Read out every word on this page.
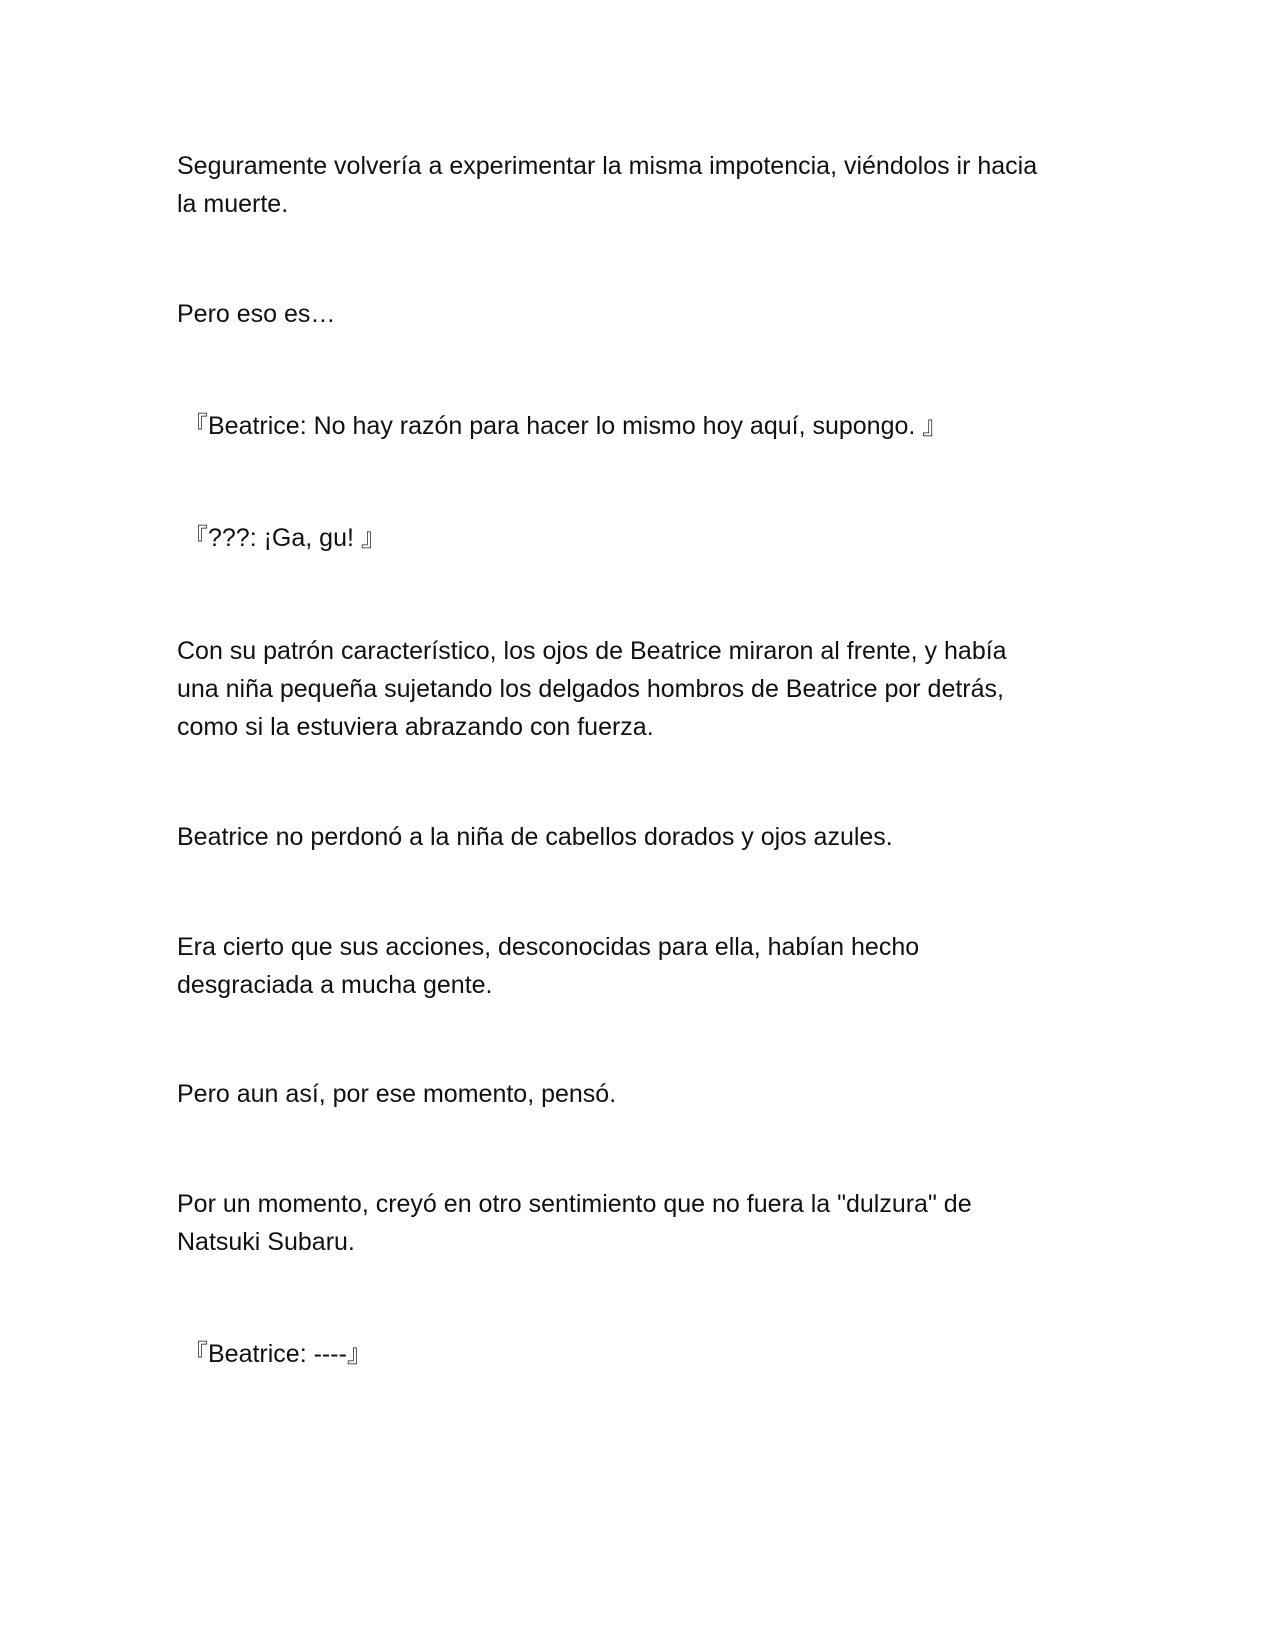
Seguramente volvería a experimentar la misma impotencia, viéndolos ir hacia
la muerte.

Pero eso es…

『Beatrice: No hay razón para hacer lo mismo hoy aquí, supongo. 』

『???: ¡Ga, gu! 』

Con su patrón característico, los ojos de Beatrice miraron al frente, y había
una niña pequeña sujetando los delgados hombros de Beatrice por detrás,
como si la estuviera abrazando con fuerza.

Beatrice no perdonó a la niña de cabellos dorados y ojos azules.

Era cierto que sus acciones, desconocidas para ella, habían hecho
desgraciada a mucha gente.

Pero aun así, por ese momento, pensó.

Por un momento, creyó en otro sentimiento que no fuera la "dulzura" de
Natsuki Subaru.

『Beatrice: ----』
